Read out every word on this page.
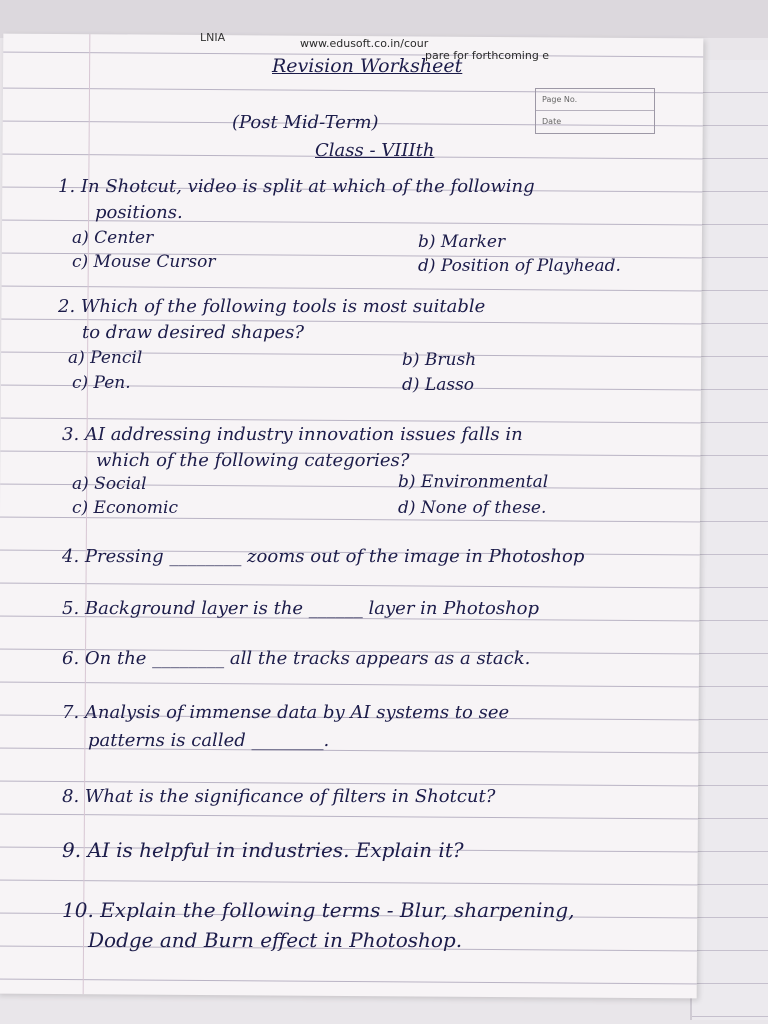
LNIA	www.edusoft.co.in/cour
pare for forthcoming e
Revision Worksheet
Page No.
Date
(Post Mid-Term)
Class - VIIIth
1. In Shotcut, video is split at which of the following
positions.
a) Center	b) Marker
c) Mouse Cursor	d) Position of Playhead.
2. Which of the following tools is most suitable
to draw desired shapes?
a) Pencil	b) Brush
c) Pen.	d) Lasso
3. AI addressing industry innovation issues falls in
which of the following categories?
a) Social	b) Environmental
c) Economic	d) None of these.
4. Pressing ________ zooms out of the image in Photoshop
5. Background layer is the ______ layer in Photoshop
6. On the ________ all the tracks appears as a stack.
7. Analysis of immense data by AI systems to see
patterns is called ________.
8. What is the significance of filters in Shotcut?
9. AI is helpful in industries. Explain it?
10. Explain the following terms - Blur, sharpening,
Dodge and Burn effect in Photoshop.
